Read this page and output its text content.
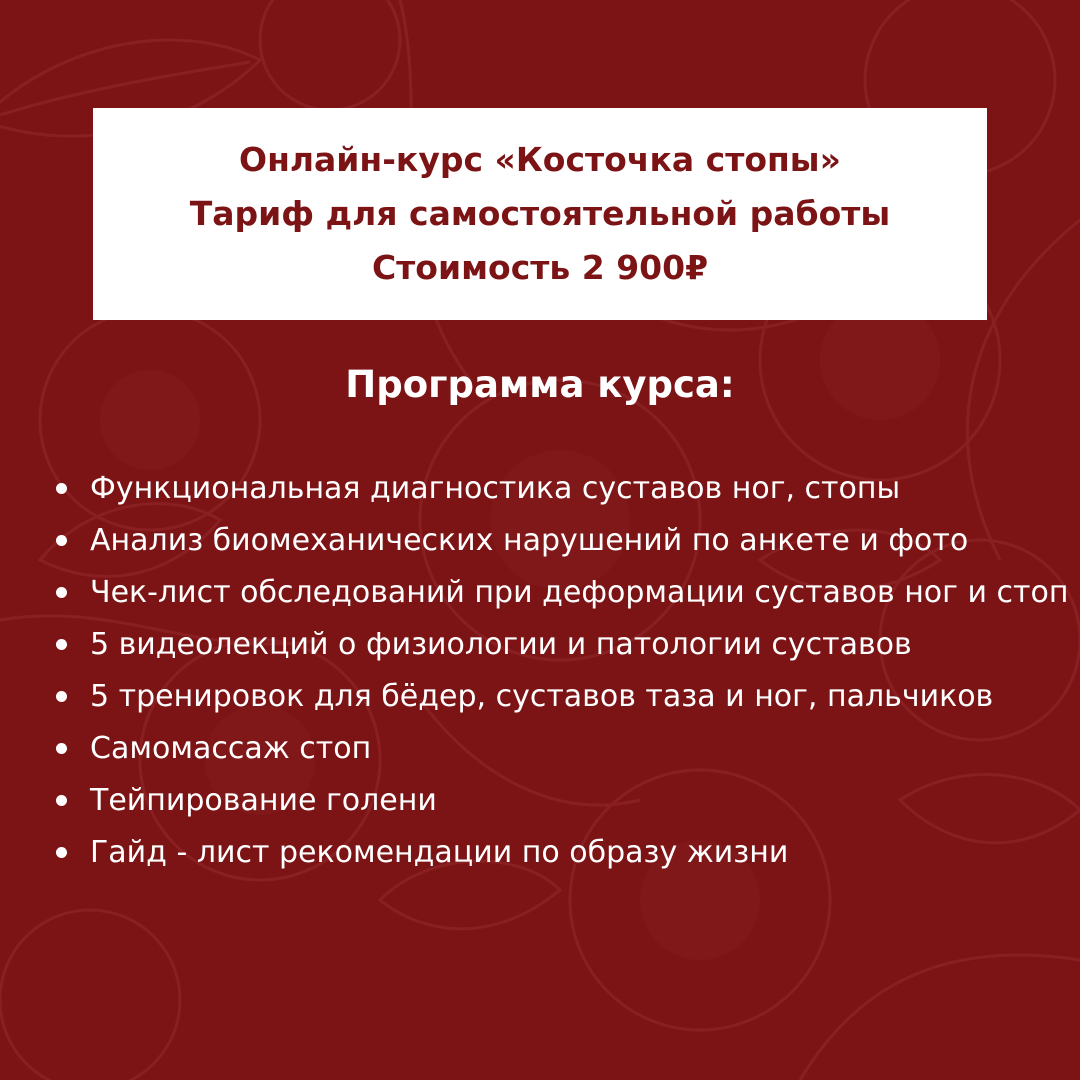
Онлайн-курс «Косточка стопы»
Тариф для самостоятельной работы
Стоимость 2 900₽
Программа курса:
Функциональная диагностика суставов ног, стопы
Анализ биомеханических нарушений по анкете и фото
Чек-лист обследований при деформации суставов ног и стоп
5 видеолекций о физиологии и патологии суставов
5 тренировок для бёдер, суставов таза и ног, пальчиков
Самомассаж стоп
Тейпирование голени
Гайд - лист рекомендации по образу жизни
